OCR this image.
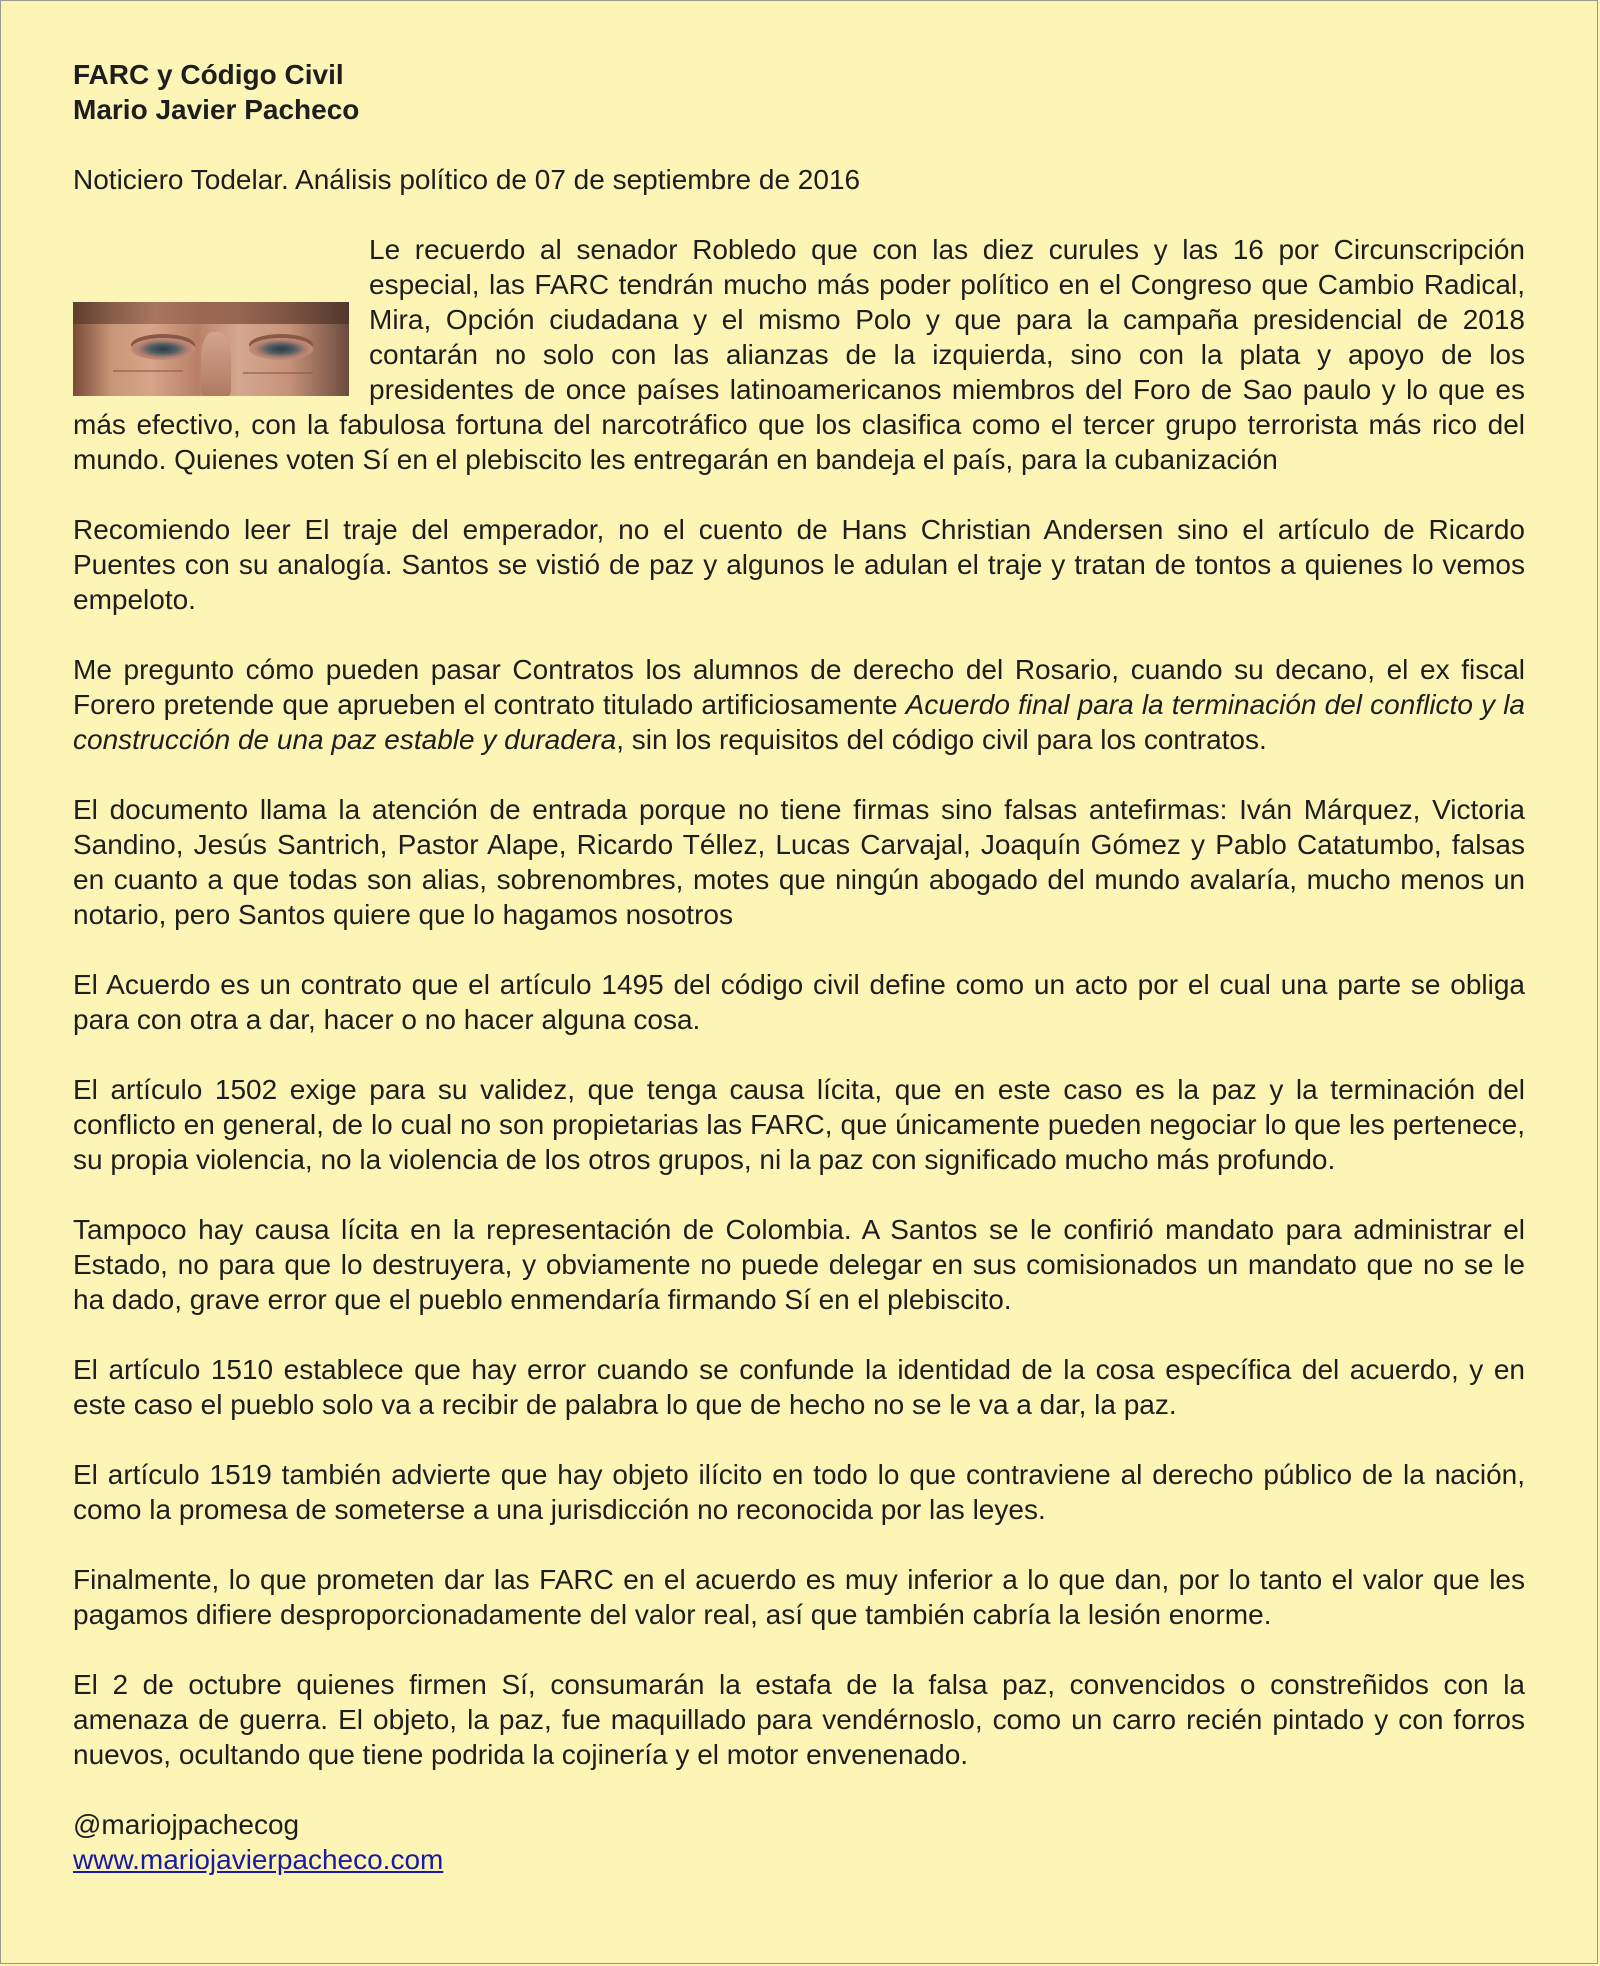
FARC y Código Civil

Mario Javier Pacheco

Noticiero Todelar. Análisis político de 07 de septiembre de 2016

Le recuerdo al senador Robledo que con las diez curules y las 16 por Circunscripción especial, las FARC tendrán mucho más poder político en el Congreso que Cambio Radical, Mira, Opción ciudadana y el mismo Polo y que para la campaña presidencial de 2018 contarán no solo con las alianzas de la izquierda, sino con la plata y apoyo de los presidentes de once países latinoamericanos miembros del Foro de Sao paulo y lo que es más efectivo, con la fabulosa fortuna del narcotráfico que los clasifica como el tercer grupo terrorista más rico del mundo. Quienes voten Sí en el plebiscito les entregarán en bandeja el país, para la cubanización

Recomiendo leer El traje del emperador, no el cuento de Hans Christian Andersen sino el artículo de Ricardo Puentes con su analogía. Santos se vistió de paz y algunos le adulan el traje y tratan de tontos a quienes lo vemos empeloto.

Me pregunto cómo pueden pasar Contratos los alumnos de derecho del Rosario, cuando su decano, el ex fiscal Forero pretende que aprueben el contrato titulado artificiosamente Acuerdo final para la terminación del conflicto y la construcción de una paz estable y duradera, sin los requisitos del código civil para los contratos.

El documento llama la atención de entrada porque no tiene firmas sino falsas antefirmas: Iván Márquez, Victoria Sandino, Jesús Santrich, Pastor Alape, Ricardo Téllez, Lucas Carvajal, Joaquín Gómez y Pablo Catatumbo, falsas en cuanto a que todas son alias, sobrenombres, motes que ningún abogado del mundo avalaría, mucho menos un notario, pero Santos quiere que lo hagamos nosotros

El Acuerdo es un contrato que el artículo 1495 del código civil define como un acto por el cual una parte se obliga para con otra a dar, hacer o no hacer alguna cosa.

El artículo 1502 exige para su validez, que tenga causa lícita, que en este caso es la paz y la terminación del conflicto en general, de lo cual no son propietarias las FARC, que únicamente pueden negociar lo que les pertenece, su propia violencia, no la violencia de los otros grupos, ni la paz con significado mucho más profundo.

Tampoco hay causa lícita en la representación de Colombia. A Santos se le confirió mandato para administrar el Estado, no para que lo destruyera, y obviamente no puede delegar en sus comisionados un mandato que no se le ha dado, grave error que el pueblo enmendaría firmando Sí en el plebiscito.

El artículo 1510 establece que hay error cuando se confunde la identidad de la cosa específica del acuerdo, y en este caso el pueblo solo va a recibir de palabra lo que de hecho no se le va a dar, la paz.

El artículo 1519 también advierte que hay objeto ilícito en todo lo que contraviene al derecho público de la nación, como la promesa de someterse a una jurisdicción no reconocida por las leyes.

Finalmente, lo que prometen dar las FARC en el acuerdo es muy inferior a lo que dan, por lo tanto el valor que les pagamos difiere desproporcionadamente del valor real, así que también cabría la lesión enorme.

El 2 de octubre quienes firmen Sí, consumarán la estafa de la falsa paz, convencidos o constreñidos con la amenaza de guerra. El objeto, la paz, fue maquillado para vendérnoslo, como un carro recién pintado y con forros nuevos, ocultando que tiene podrida la cojinería y el motor envenenado.

@mariojpachecog

www.mariojavierpacheco.com
